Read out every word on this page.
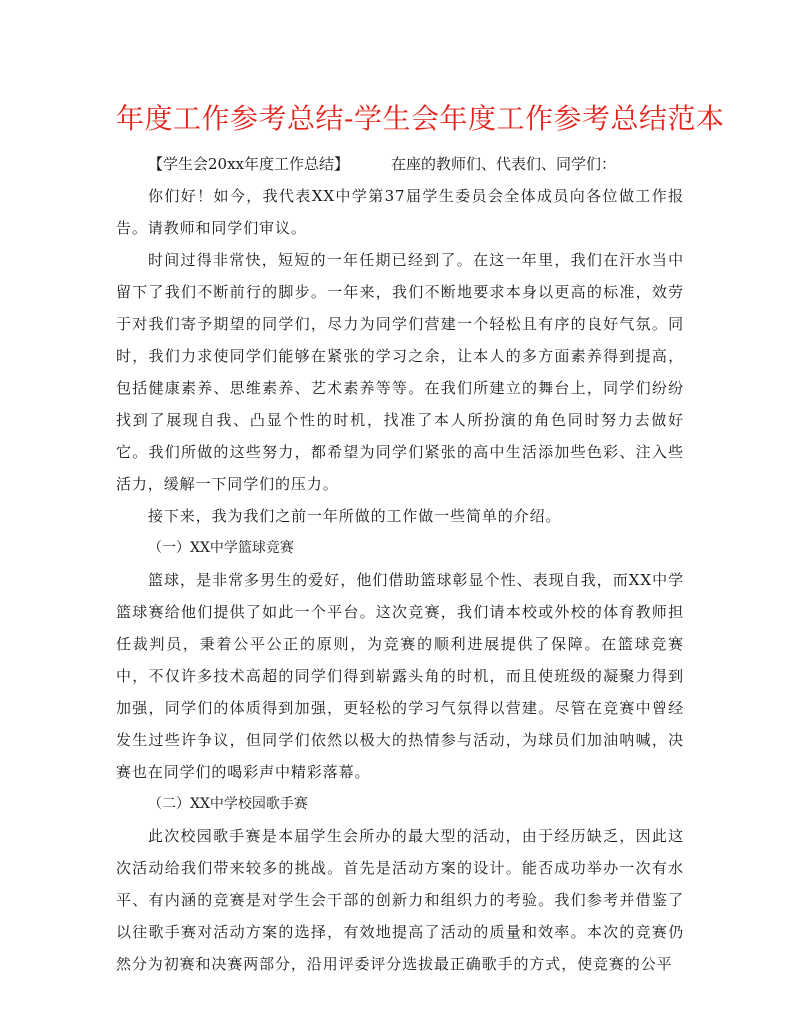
年度工作参考总结-学生会年度工作参考总结范本

【学生会20xx年度工作总结】	在座的教师们、代表们、同学们：

你们好！如今，我代表XX中学第37届学生委员会全体成员向各位做工作报告。请教师和同学们审议。

时间过得非常快，短短的一年任期已经到了。在这一年里，我们在汗水当中留下了我们不断前行的脚步。一年来，我们不断地要求本身以更高的标准，效劳于对我们寄予期望的同学们，尽力为同学们营建一个轻松且有序的良好气氛。同时，我们力求使同学们能够在紧张的学习之余，让本人的多方面素养得到提高，包括健康素养、思维素养、艺术素养等等。在我们所建立的舞台上，同学们纷纷找到了展现自我、凸显个性的时机，找准了本人所扮演的角色同时努力去做好它。我们所做的这些努力，都希望为同学们紧张的高中生活添加些色彩、注入些活力，缓解一下同学们的压力。

接下来，我为我们之前一年所做的工作做一些简单的介绍。

（一）XX中学篮球竞赛

篮球，是非常多男生的爱好，他们借助篮球彰显个性、表现自我，而XX中学篮球赛给他们提供了如此一个平台。这次竞赛，我们请本校或外校的体育教师担任裁判员，秉着公平公正的原则，为竞赛的顺利进展提供了保障。在篮球竞赛中，不仅许多技术高超的同学们得到崭露头角的时机，而且使班级的凝聚力得到加强，同学们的体质得到加强，更轻松的学习气氛得以营建。尽管在竞赛中曾经发生过些许争议，但同学们依然以极大的热情参与活动，为球员们加油呐喊，决赛也在同学们的喝彩声中精彩落幕。

（二）XX中学校园歌手赛

此次校园歌手赛是本届学生会所办的最大型的活动，由于经历缺乏，因此这次活动给我们带来较多的挑战。首先是活动方案的设计。能否成功举办一次有水平、有内涵的竞赛是对学生会干部的创新力和组织力的考验。我们参考并借鉴了以往歌手赛对活动方案的选择，有效地提高了活动的质量和效率。本次的竞赛仍然分为初赛和决赛两部分，沿用评委评分选拔最正确歌手的方式，使竞赛的公平
